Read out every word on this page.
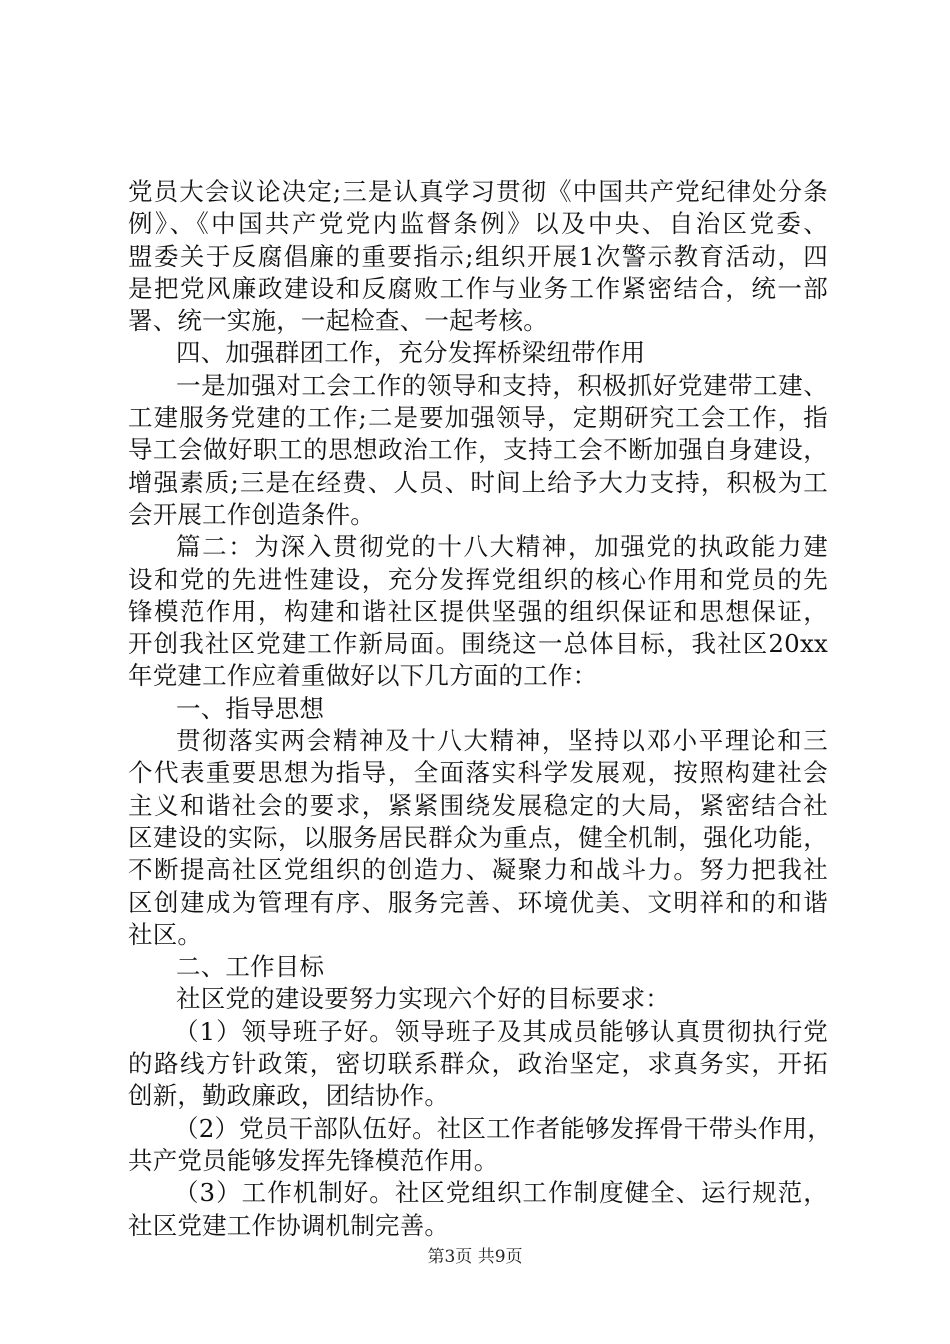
党员大会议论决定;三是认真学习贯彻《中国共产党纪律处分条
例》、《中国共产党党内监督条例》以及中央、自治区党委、
盟委关于反腐倡廉的重要指示;组织开展1次警示教育活动，四
是把党风廉政建设和反腐败工作与业务工作紧密结合，统一部
署、统一实施，一起检查、一起考核。
四、加强群团工作，充分发挥桥梁纽带作用
一是加强对工会工作的领导和支持，积极抓好党建带工建、
工建服务党建的工作;二是要加强领导，定期研究工会工作，指
导工会做好职工的思想政治工作，支持工会不断加强自身建设，
增强素质;三是在经费、人员、时间上给予大力支持，积极为工
会开展工作创造条件。
篇二：为深入贯彻党的十八大精神，加强党的执政能力建
设和党的先进性建设，充分发挥党组织的核心作用和党员的先
锋模范作用，构建和谐社区提供坚强的组织保证和思想保证，
开创我社区党建工作新局面。围绕这一总体目标，我社区20xx
年党建工作应着重做好以下几方面的工作：
一、指导思想
贯彻落实两会精神及十八大精神，坚持以邓小平理论和三
个代表重要思想为指导，全面落实科学发展观，按照构建社会
主义和谐社会的要求，紧紧围绕发展稳定的大局，紧密结合社
区建设的实际，以服务居民群众为重点，健全机制，强化功能，
不断提高社区党组织的创造力、凝聚力和战斗力。努力把我社
区创建成为管理有序、服务完善、环境优美、文明祥和的和谐
社区。
二、工作目标
社区党的建设要努力实现六个好的目标要求：
（1）领导班子好。领导班子及其成员能够认真贯彻执行党
的路线方针政策，密切联系群众，政治坚定，求真务实，开拓
创新，勤政廉政，团结协作。
（2）党员干部队伍好。社区工作者能够发挥骨干带头作用，
共产党员能够发挥先锋模范作用。
（3）工作机制好。社区党组织工作制度健全、运行规范，
社区党建工作协调机制完善。
第3页 共9页
